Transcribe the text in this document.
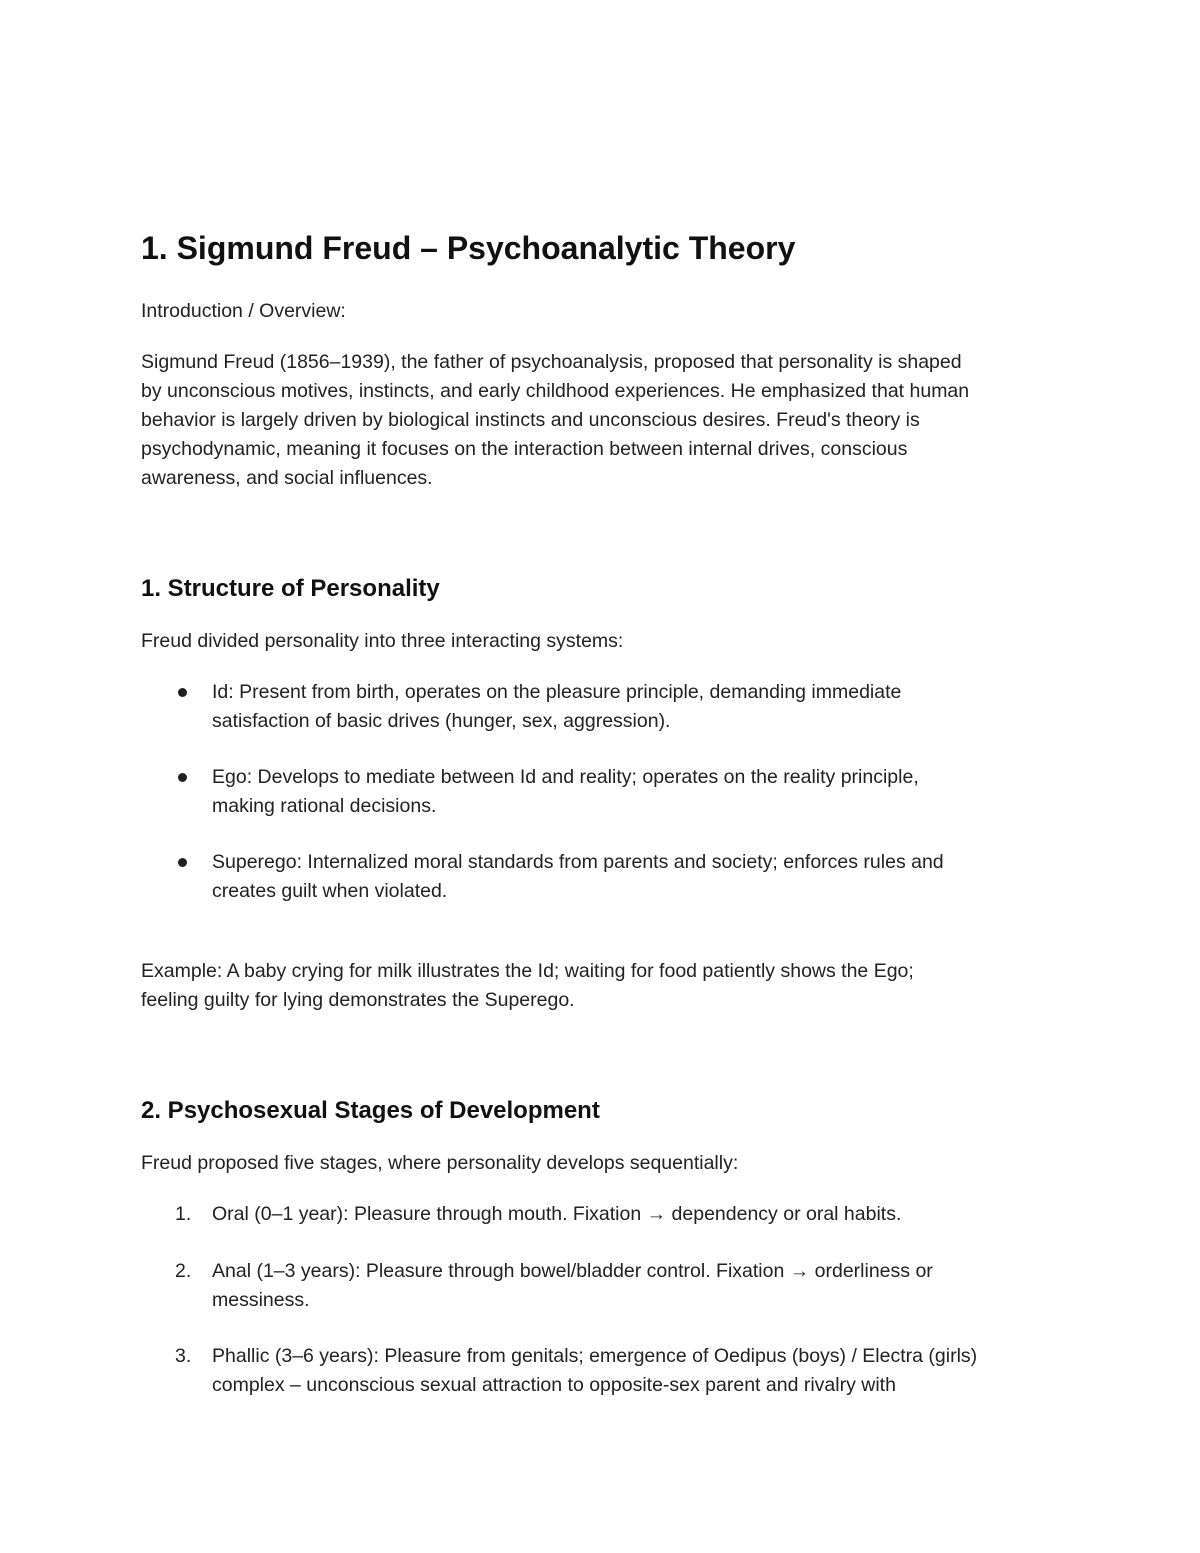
1. Sigmund Freud – Psychoanalytic Theory

Introduction / Overview:

Sigmund Freud (1856–1939), the father of psychoanalysis, proposed that personality is shaped
by unconscious motives, instincts, and early childhood experiences. He emphasized that human
behavior is largely driven by biological instincts and unconscious desires. Freud's theory is
psychodynamic, meaning it focuses on the interaction between internal drives, conscious
awareness, and social influences.
1. Structure of Personality

Freud divided personality into three interacting systems:

Id: Present from birth, operates on the pleasure principle, demanding immediate
satisfaction of basic drives (hunger, sex, aggression).
Ego: Develops to mediate between Id and reality; operates on the reality principle,
making rational decisions.
Superego: Internalized moral standards from parents and society; enforces rules and
creates guilt when violated.
Example: A baby crying for milk illustrates the Id; waiting for food patiently shows the Ego;
feeling guilty for lying demonstrates the Superego.
2. Psychosexual Stages of Development

Freud proposed five stages, where personality develops sequentially:

1.	Oral (0–1 year): Pleasure through mouth. Fixation → dependency or oral habits.
2.	Anal (1–3 years): Pleasure through bowel/bladder control. Fixation → orderliness or
messiness.
3.	Phallic (3–6 years): Pleasure from genitals; emergence of Oedipus (boys) / Electra (girls)
complex – unconscious sexual attraction to opposite-sex parent and rivalry with
